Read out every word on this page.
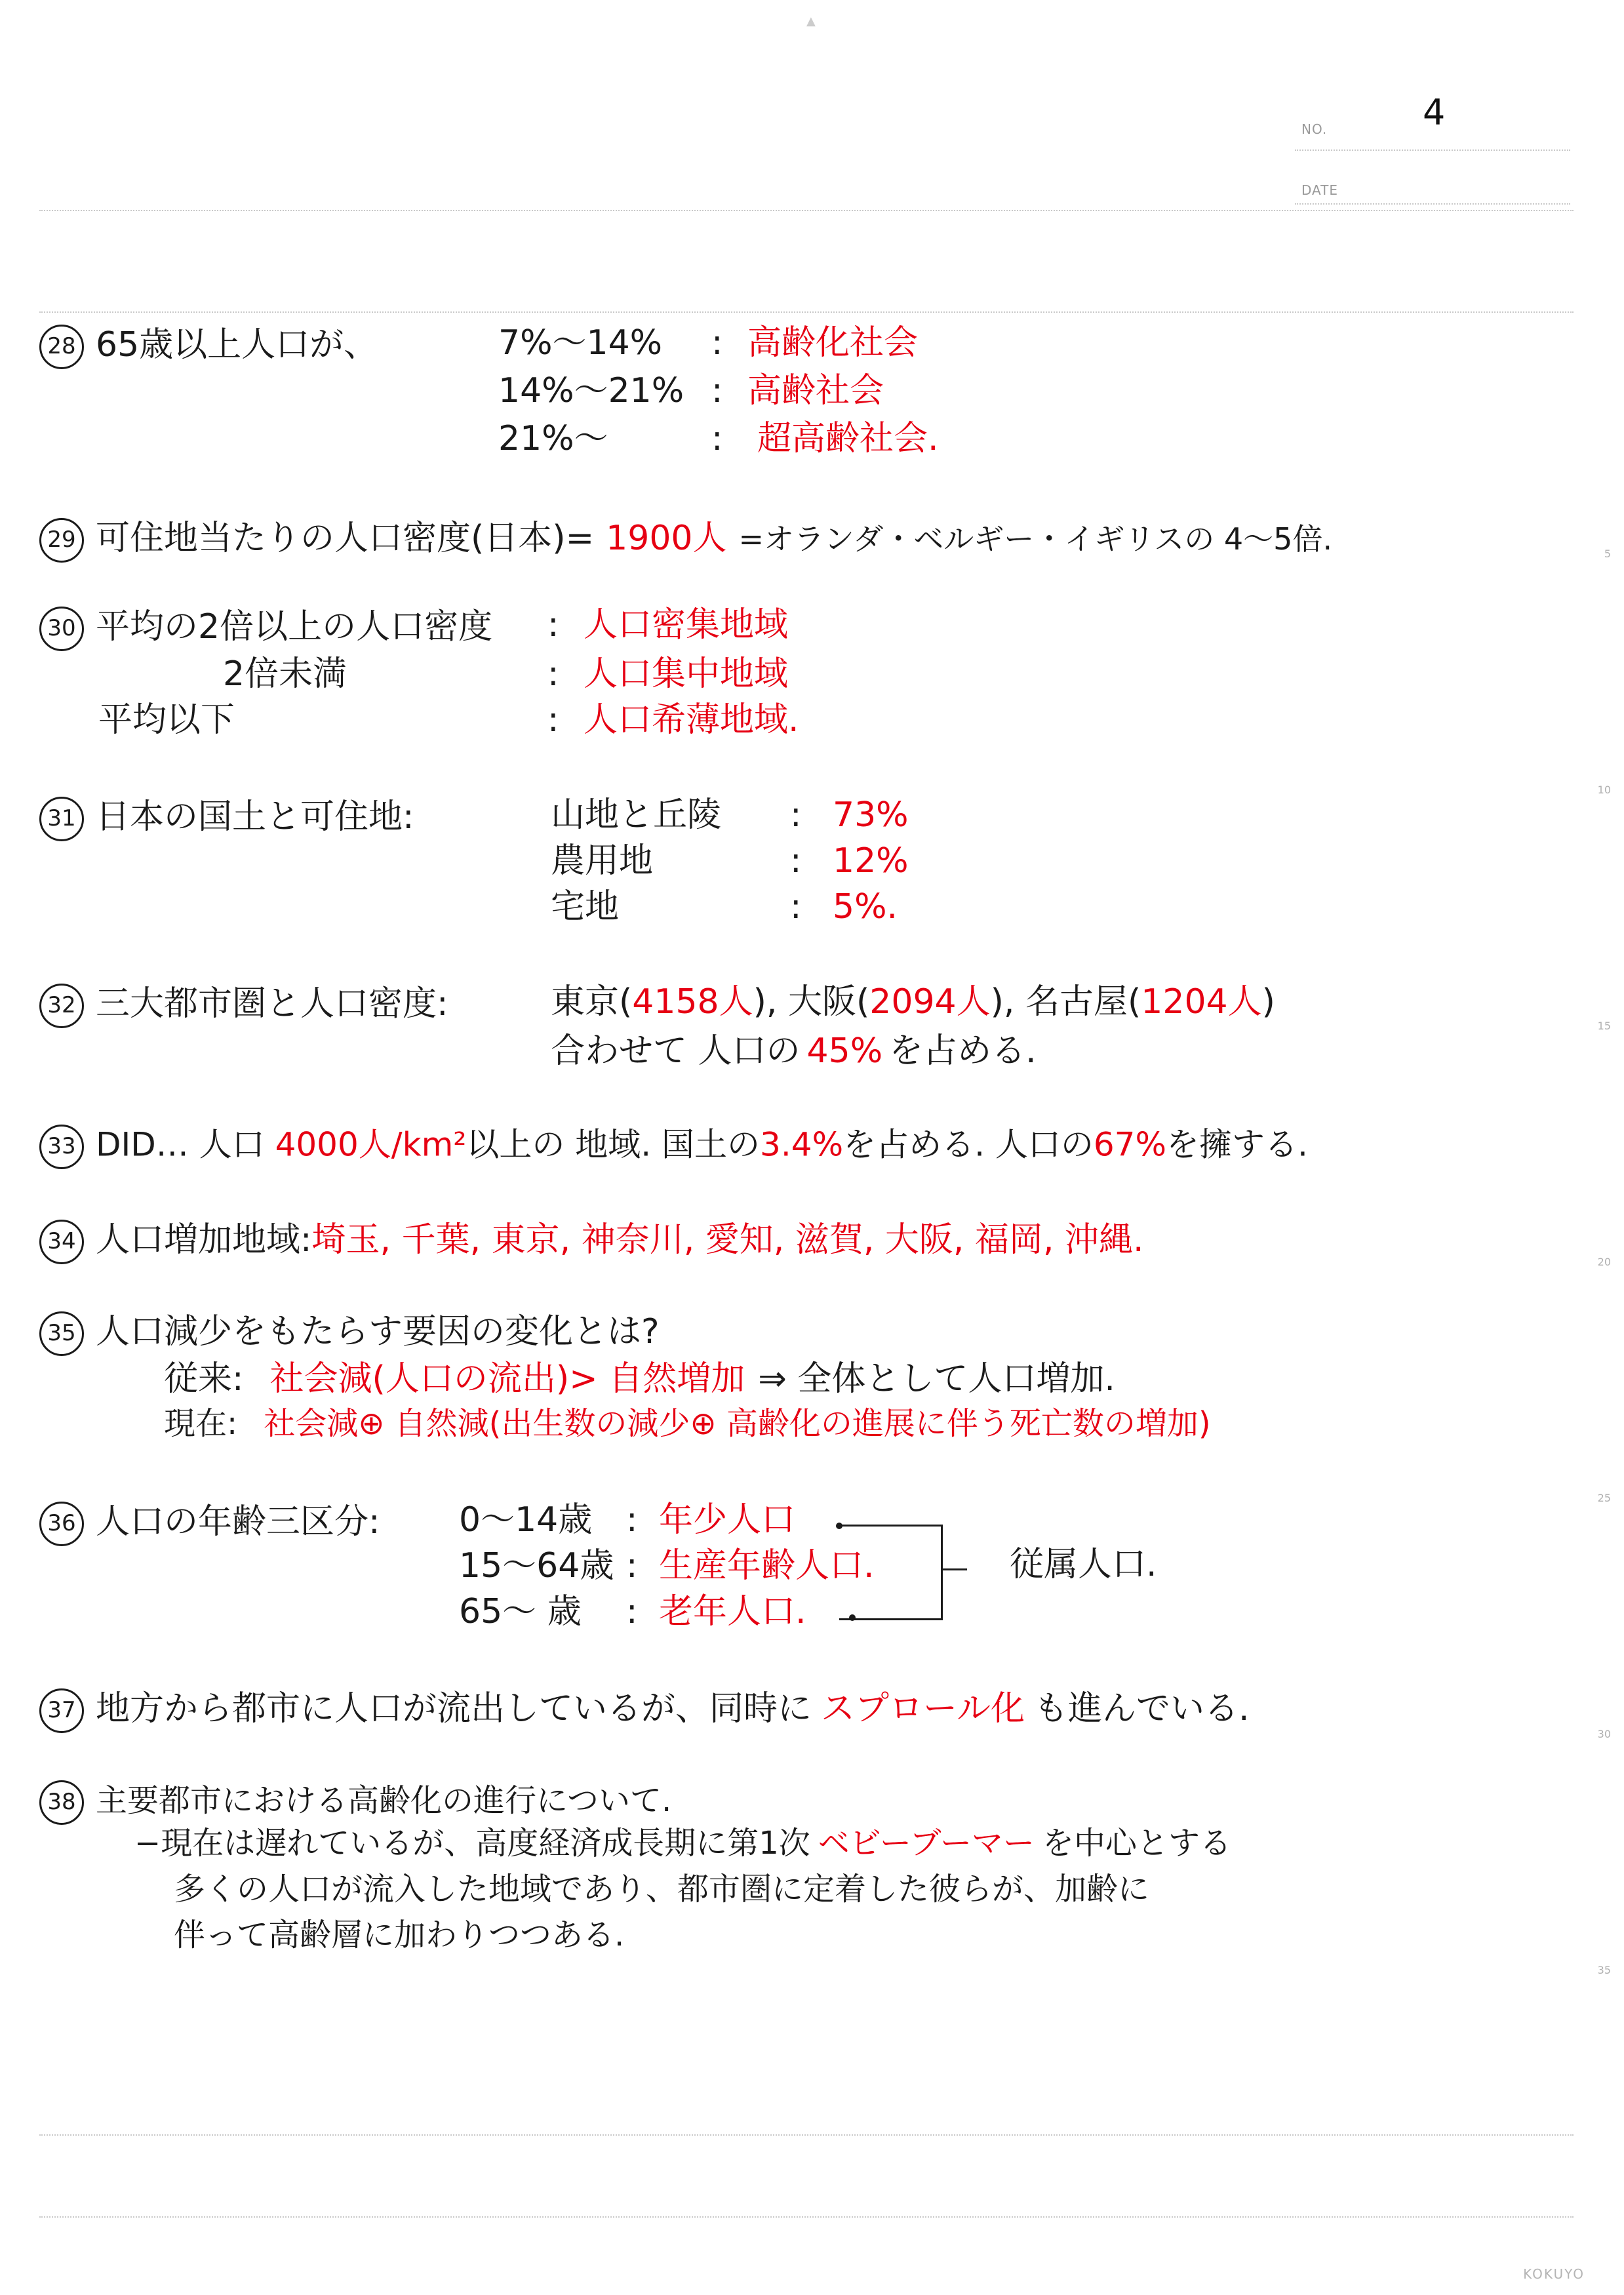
▲
NO.	4
DATE
5
10
15
20
25
30
35
KOKUYO
28 65歳以上人口が、	7%〜14% : 高齢化社会
14%〜21% : 高齢社会
21%〜	: 超高齢社会.
29 可住地当たりの人口密度(日本)= 1900人 =オランダ・ベルギー・イギリスの 4〜5倍.
30 平均の2倍以上の人口密度 : 人口密集地域
2倍未満	: 人口集中地域
平均以下	: 人口希薄地域.
31 日本の国土と可住地:	山地と丘陵 : 73%
農用地	: 12%
宅地	: 5%.
32 三大都市圏と人口密度:	東京(4158人), 大阪(2094人), 名古屋(1204人)
合わせて 人口の 45% を占める.
33 DID… 人口 4000人/km²以上の 地域. 国土の3.4%を占める. 人口の67%を擁する.
34 人口増加地域:埼玉, 千葉, 東京, 神奈川, 愛知, 滋賀, 大阪, 福岡, 沖縄.
35 人口減少をもたらす要因の変化とは?
従来: 社会減(人口の流出)> 自然増加 ⇒ 全体として人口増加.
現在: 社会減⊕ 自然減(出生数の減少⊕ 高齢化の進展に伴う死亡数の増加)
36 人口の年齢三区分: 0〜14歳 : 年少人口
15〜64歳 : 生産年齢人口.
65〜 歳 : 老年人口.
従属人口.
37 地方から都市に人口が流出しているが、同時に スプロール化 も進んでいる.
38 主要都市における高齢化の進行について.
−現在は遅れているが、高度経済成長期に第1次 ベビーブーマー を中心とする
多くの人口が流入した地域であり、都市圏に定着した彼らが、加齢に
伴って高齢層に加わりつつある.
